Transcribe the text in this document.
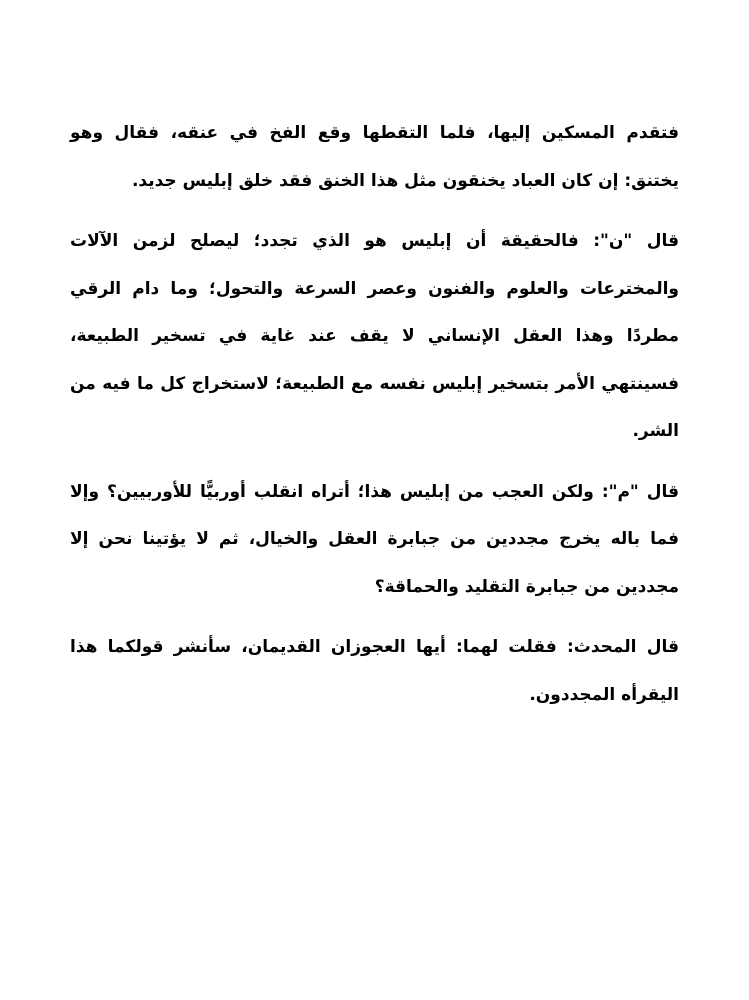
فتقدم المسكين إليها، فلما التقطها وقع الفخ في عنقه، فقال وهو يختنق: إن كان العباد يخنقون مثل هذا الخنق فقد خلق إبليس جديد.

قال "ن": فالحقيقة أن إبليس هو الذي تجدد؛ ليصلح لزمن الآلات والمخترعات والعلوم والفنون وعصر السرعة والتحول؛ وما دام الرقي مطردًا وهذا العقل الإنساني لا يقف عند غاية في تسخير الطبيعة، فسينتهي الأمر بتسخير إبليس نفسه مع الطبيعة؛ لاستخراج كل ما فيه من الشر.

قال "م": ولكن العجب من إبليس هذا؛ أتراه انقلب أوربيًّا للأوربيين؟ وإلا فما باله يخرج مجددين من جبابرة العقل والخيال، ثم لا يؤتينا نحن إلا مجددين من جبابرة التقليد والحماقة؟

قال المحدث: فقلت لهما: أيها العجوزان القديمان، سأنشر قولكما هذا اليقرأه المجددون.
